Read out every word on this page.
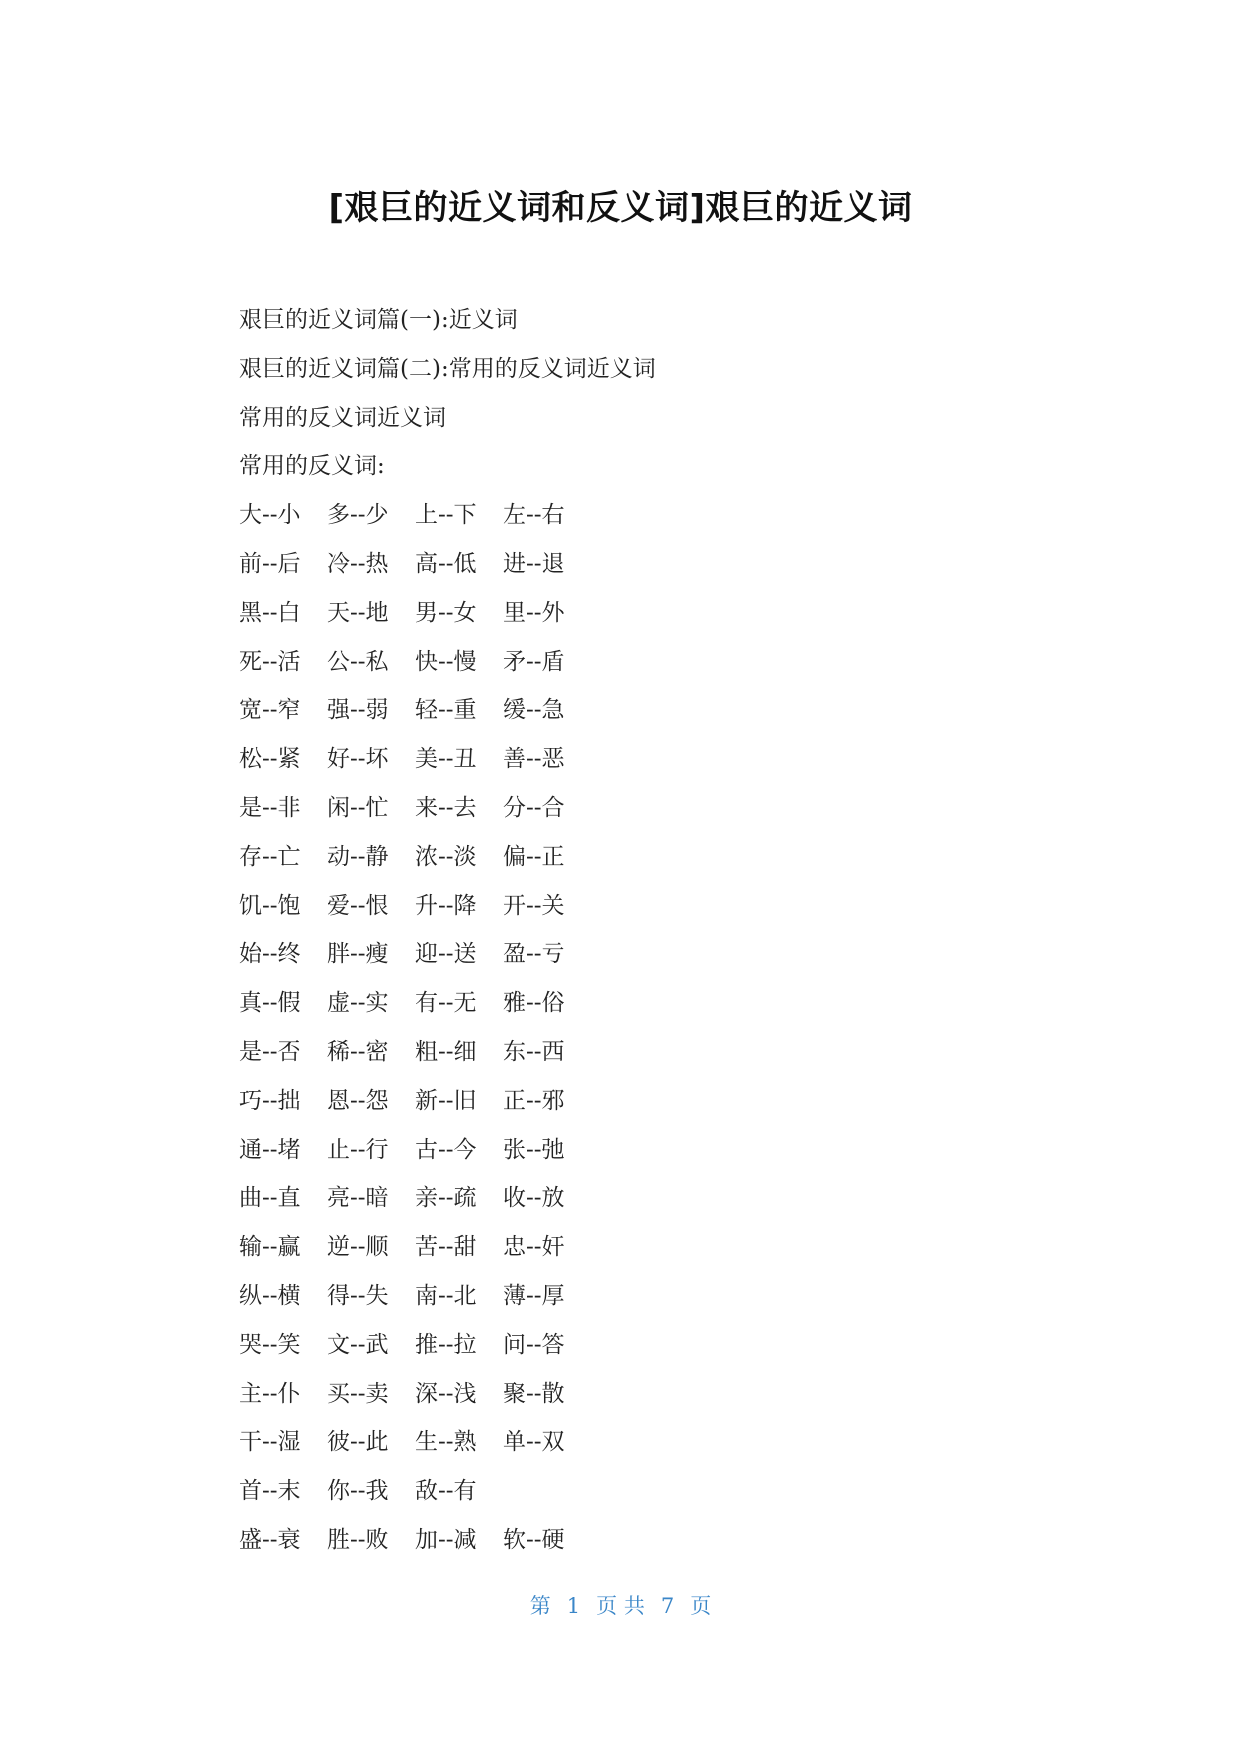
[艰巨的近义词和反义词]艰巨的近义词
艰巨的近义词篇(一):近义词
艰巨的近义词篇(二):常用的反义词近义词
常用的反义词近义词
常用的反义词:
大--小 多--少 上--下 左--右
前--后 冷--热 高--低 进--退
黑--白 天--地 男--女 里--外
死--活 公--私 快--慢 矛--盾
宽--窄 强--弱 轻--重 缓--急
松--紧 好--坏 美--丑 善--恶
是--非 闲--忙 来--去 分--合
存--亡 动--静 浓--淡 偏--正
饥--饱 爱--恨 升--降 开--关
始--终 胖--瘦 迎--送 盈--亏
真--假 虚--实 有--无 雅--俗
是--否 稀--密 粗--细 东--西
巧--拙 恩--怨 新--旧 正--邪
通--堵 止--行 古--今 张--弛
曲--直 亮--暗 亲--疏 收--放
输--赢 逆--顺 苦--甜 忠--奸
纵--横 得--失 南--北 薄--厚
哭--笑 文--武 推--拉 问--答
主--仆 买--卖 深--浅 聚--散
干--湿 彼--此 生--熟 单--双
首--末 你--我 敌--有
盛--衰 胜--败 加--减 软--硬
第 1 页 共 7 页
